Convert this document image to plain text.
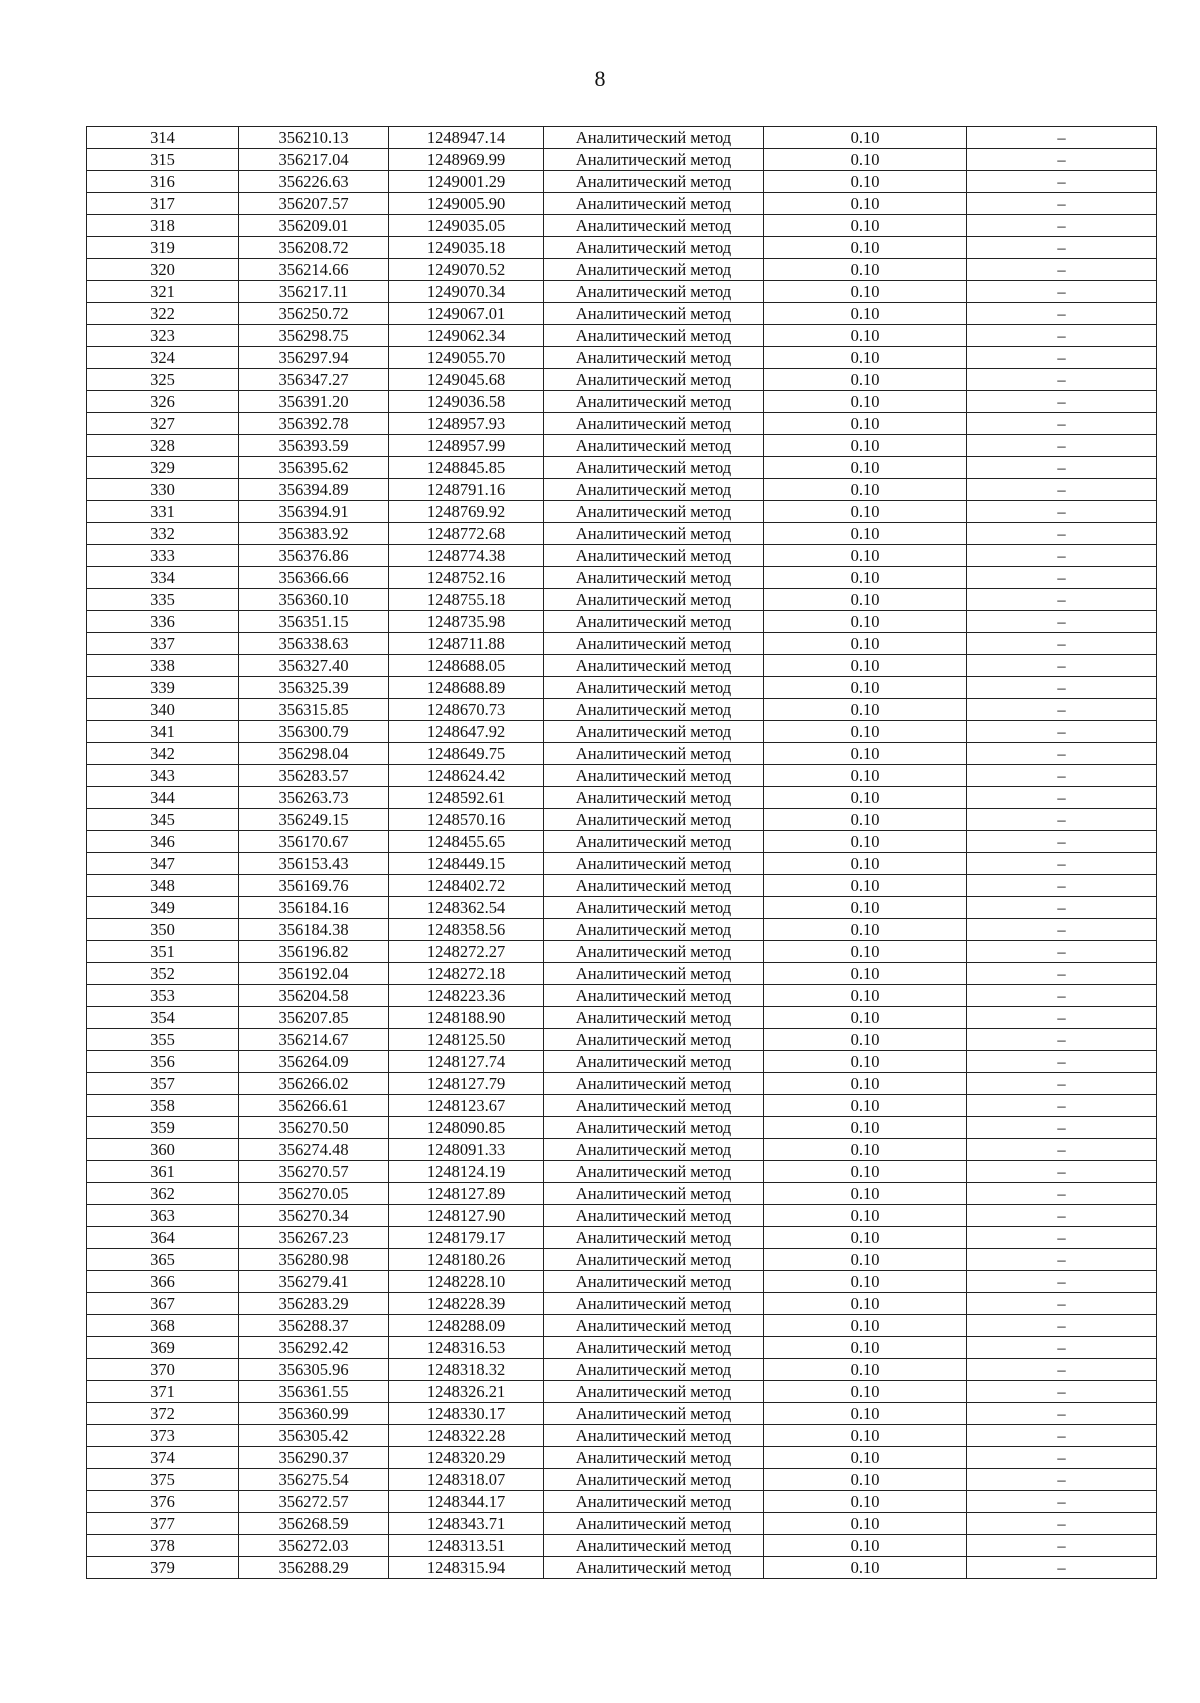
8
314	356210.13	1248947.14	Аналитический метод	0.10	–
315	356217.04	1248969.99	Аналитический метод	0.10	–
316	356226.63	1249001.29	Аналитический метод	0.10	–
317	356207.57	1249005.90	Аналитический метод	0.10	–
318	356209.01	1249035.05	Аналитический метод	0.10	–
319	356208.72	1249035.18	Аналитический метод	0.10	–
320	356214.66	1249070.52	Аналитический метод	0.10	–
321	356217.11	1249070.34	Аналитический метод	0.10	–
322	356250.72	1249067.01	Аналитический метод	0.10	–
323	356298.75	1249062.34	Аналитический метод	0.10	–
324	356297.94	1249055.70	Аналитический метод	0.10	–
325	356347.27	1249045.68	Аналитический метод	0.10	–
326	356391.20	1249036.58	Аналитический метод	0.10	–
327	356392.78	1248957.93	Аналитический метод	0.10	–
328	356393.59	1248957.99	Аналитический метод	0.10	–
329	356395.62	1248845.85	Аналитический метод	0.10	–
330	356394.89	1248791.16	Аналитический метод	0.10	–
331	356394.91	1248769.92	Аналитический метод	0.10	–
332	356383.92	1248772.68	Аналитический метод	0.10	–
333	356376.86	1248774.38	Аналитический метод	0.10	–
334	356366.66	1248752.16	Аналитический метод	0.10	–
335	356360.10	1248755.18	Аналитический метод	0.10	–
336	356351.15	1248735.98	Аналитический метод	0.10	–
337	356338.63	1248711.88	Аналитический метод	0.10	–
338	356327.40	1248688.05	Аналитический метод	0.10	–
339	356325.39	1248688.89	Аналитический метод	0.10	–
340	356315.85	1248670.73	Аналитический метод	0.10	–
341	356300.79	1248647.92	Аналитический метод	0.10	–
342	356298.04	1248649.75	Аналитический метод	0.10	–
343	356283.57	1248624.42	Аналитический метод	0.10	–
344	356263.73	1248592.61	Аналитический метод	0.10	–
345	356249.15	1248570.16	Аналитический метод	0.10	–
346	356170.67	1248455.65	Аналитический метод	0.10	–
347	356153.43	1248449.15	Аналитический метод	0.10	–
348	356169.76	1248402.72	Аналитический метод	0.10	–
349	356184.16	1248362.54	Аналитический метод	0.10	–
350	356184.38	1248358.56	Аналитический метод	0.10	–
351	356196.82	1248272.27	Аналитический метод	0.10	–
352	356192.04	1248272.18	Аналитический метод	0.10	–
353	356204.58	1248223.36	Аналитический метод	0.10	–
354	356207.85	1248188.90	Аналитический метод	0.10	–
355	356214.67	1248125.50	Аналитический метод	0.10	–
356	356264.09	1248127.74	Аналитический метод	0.10	–
357	356266.02	1248127.79	Аналитический метод	0.10	–
358	356266.61	1248123.67	Аналитический метод	0.10	–
359	356270.50	1248090.85	Аналитический метод	0.10	–
360	356274.48	1248091.33	Аналитический метод	0.10	–
361	356270.57	1248124.19	Аналитический метод	0.10	–
362	356270.05	1248127.89	Аналитический метод	0.10	–
363	356270.34	1248127.90	Аналитический метод	0.10	–
364	356267.23	1248179.17	Аналитический метод	0.10	–
365	356280.98	1248180.26	Аналитический метод	0.10	–
366	356279.41	1248228.10	Аналитический метод	0.10	–
367	356283.29	1248228.39	Аналитический метод	0.10	–
368	356288.37	1248288.09	Аналитический метод	0.10	–
369	356292.42	1248316.53	Аналитический метод	0.10	–
370	356305.96	1248318.32	Аналитический метод	0.10	–
371	356361.55	1248326.21	Аналитический метод	0.10	–
372	356360.99	1248330.17	Аналитический метод	0.10	–
373	356305.42	1248322.28	Аналитический метод	0.10	–
374	356290.37	1248320.29	Аналитический метод	0.10	–
375	356275.54	1248318.07	Аналитический метод	0.10	–
376	356272.57	1248344.17	Аналитический метод	0.10	–
377	356268.59	1248343.71	Аналитический метод	0.10	–
378	356272.03	1248313.51	Аналитический метод	0.10	–
379	356288.29	1248315.94	Аналитический метод	0.10	–
